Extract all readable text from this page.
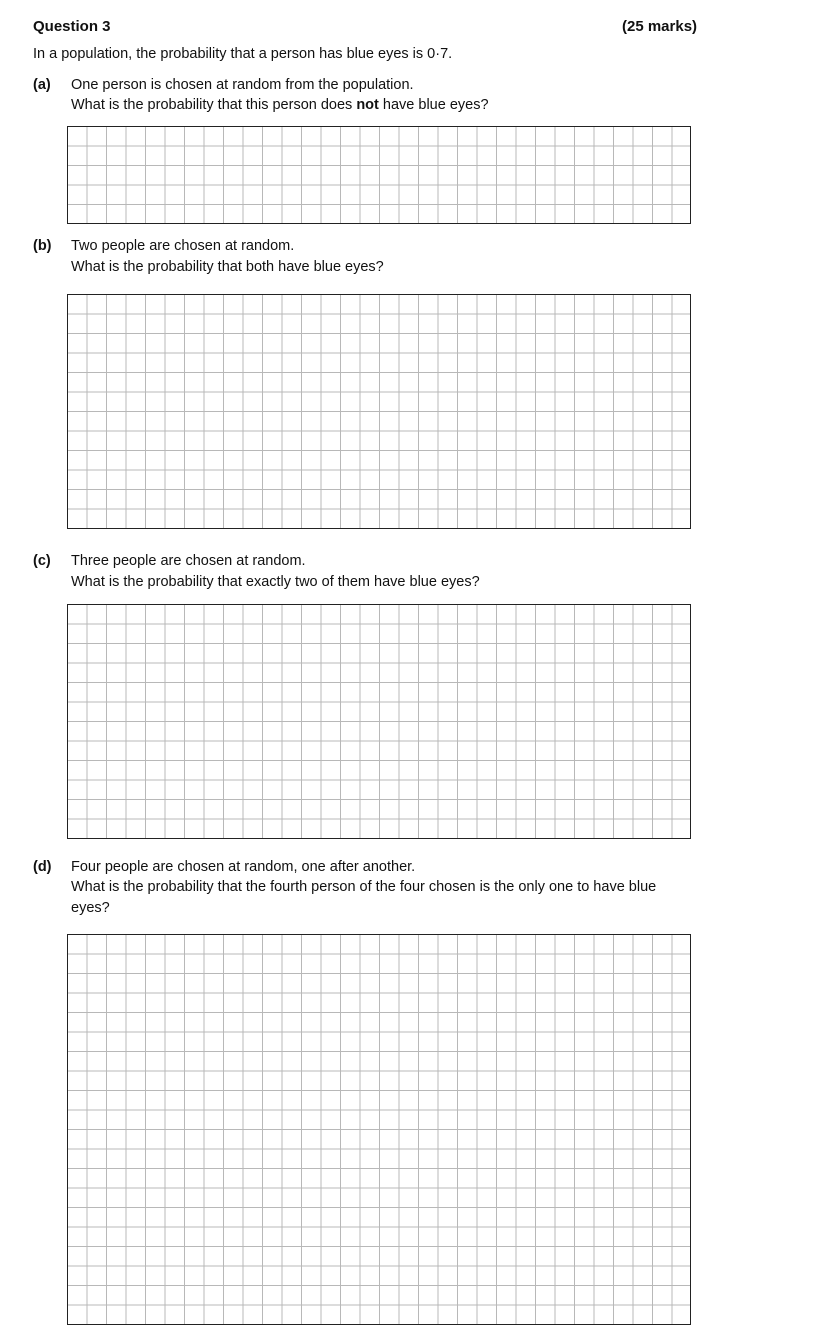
Question 3	(25 marks)
In a population, the probability that a person has blue eyes is 0·7.
(a) One person is chosen at random from the population.
What is the probability that this person does not have blue eyes?
(b) Two people are chosen at random.
What is the probability that both have blue eyes?
(c) Three people are chosen at random.
What is the probability that exactly two of them have blue eyes?
(d) Four people are chosen at random, one after another.
What is the probability that the fourth person of the four chosen is the only one to have blue
eyes?
